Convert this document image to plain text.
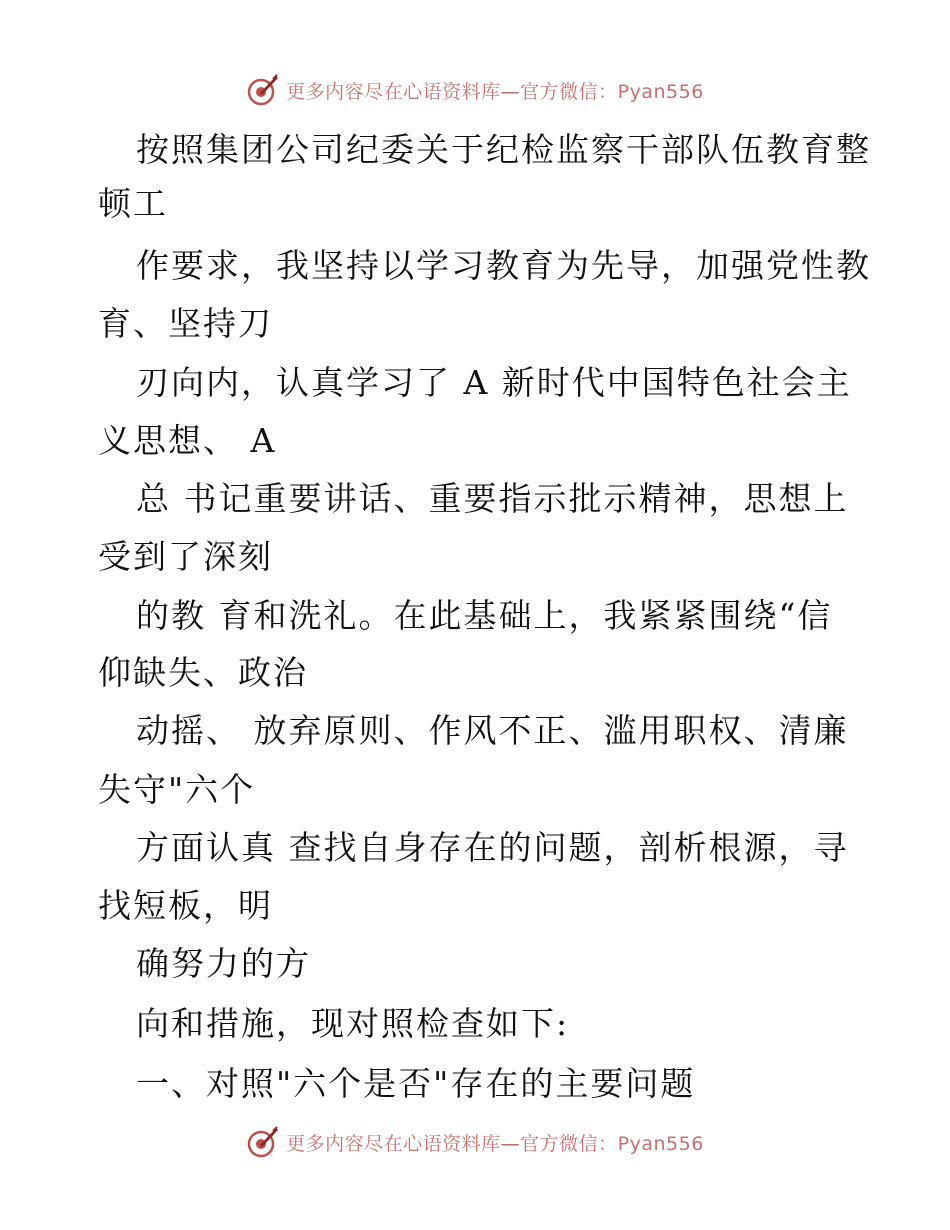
更多内容尽在心语资料库—官方微信：Pyan556
按照集团公司纪委关于纪检监察干部队伍教育整
顿工
作要求，我坚持以学习教育为先导，加强党性教
育、坚持刀
刃向内，认真学习了 A 新时代中国特色社会主
义思想、 A
总 书记重要讲话、重要指示批示精神，思想上
受到了深刻
的教 育和洗礼。在此基础上，我紧紧围绕“信
仰缺失、政治
动摇、 放弃原则、作风不正、滥用职权、清廉
失守"六个
方面认真 查找自身存在的问题，剖析根源，寻
找短板，明
确努力的方
向和措施，现对照检查如下:
一、对照"六个是否"存在的主要问题
更多内容尽在心语资料库—官方微信：Pyan556
